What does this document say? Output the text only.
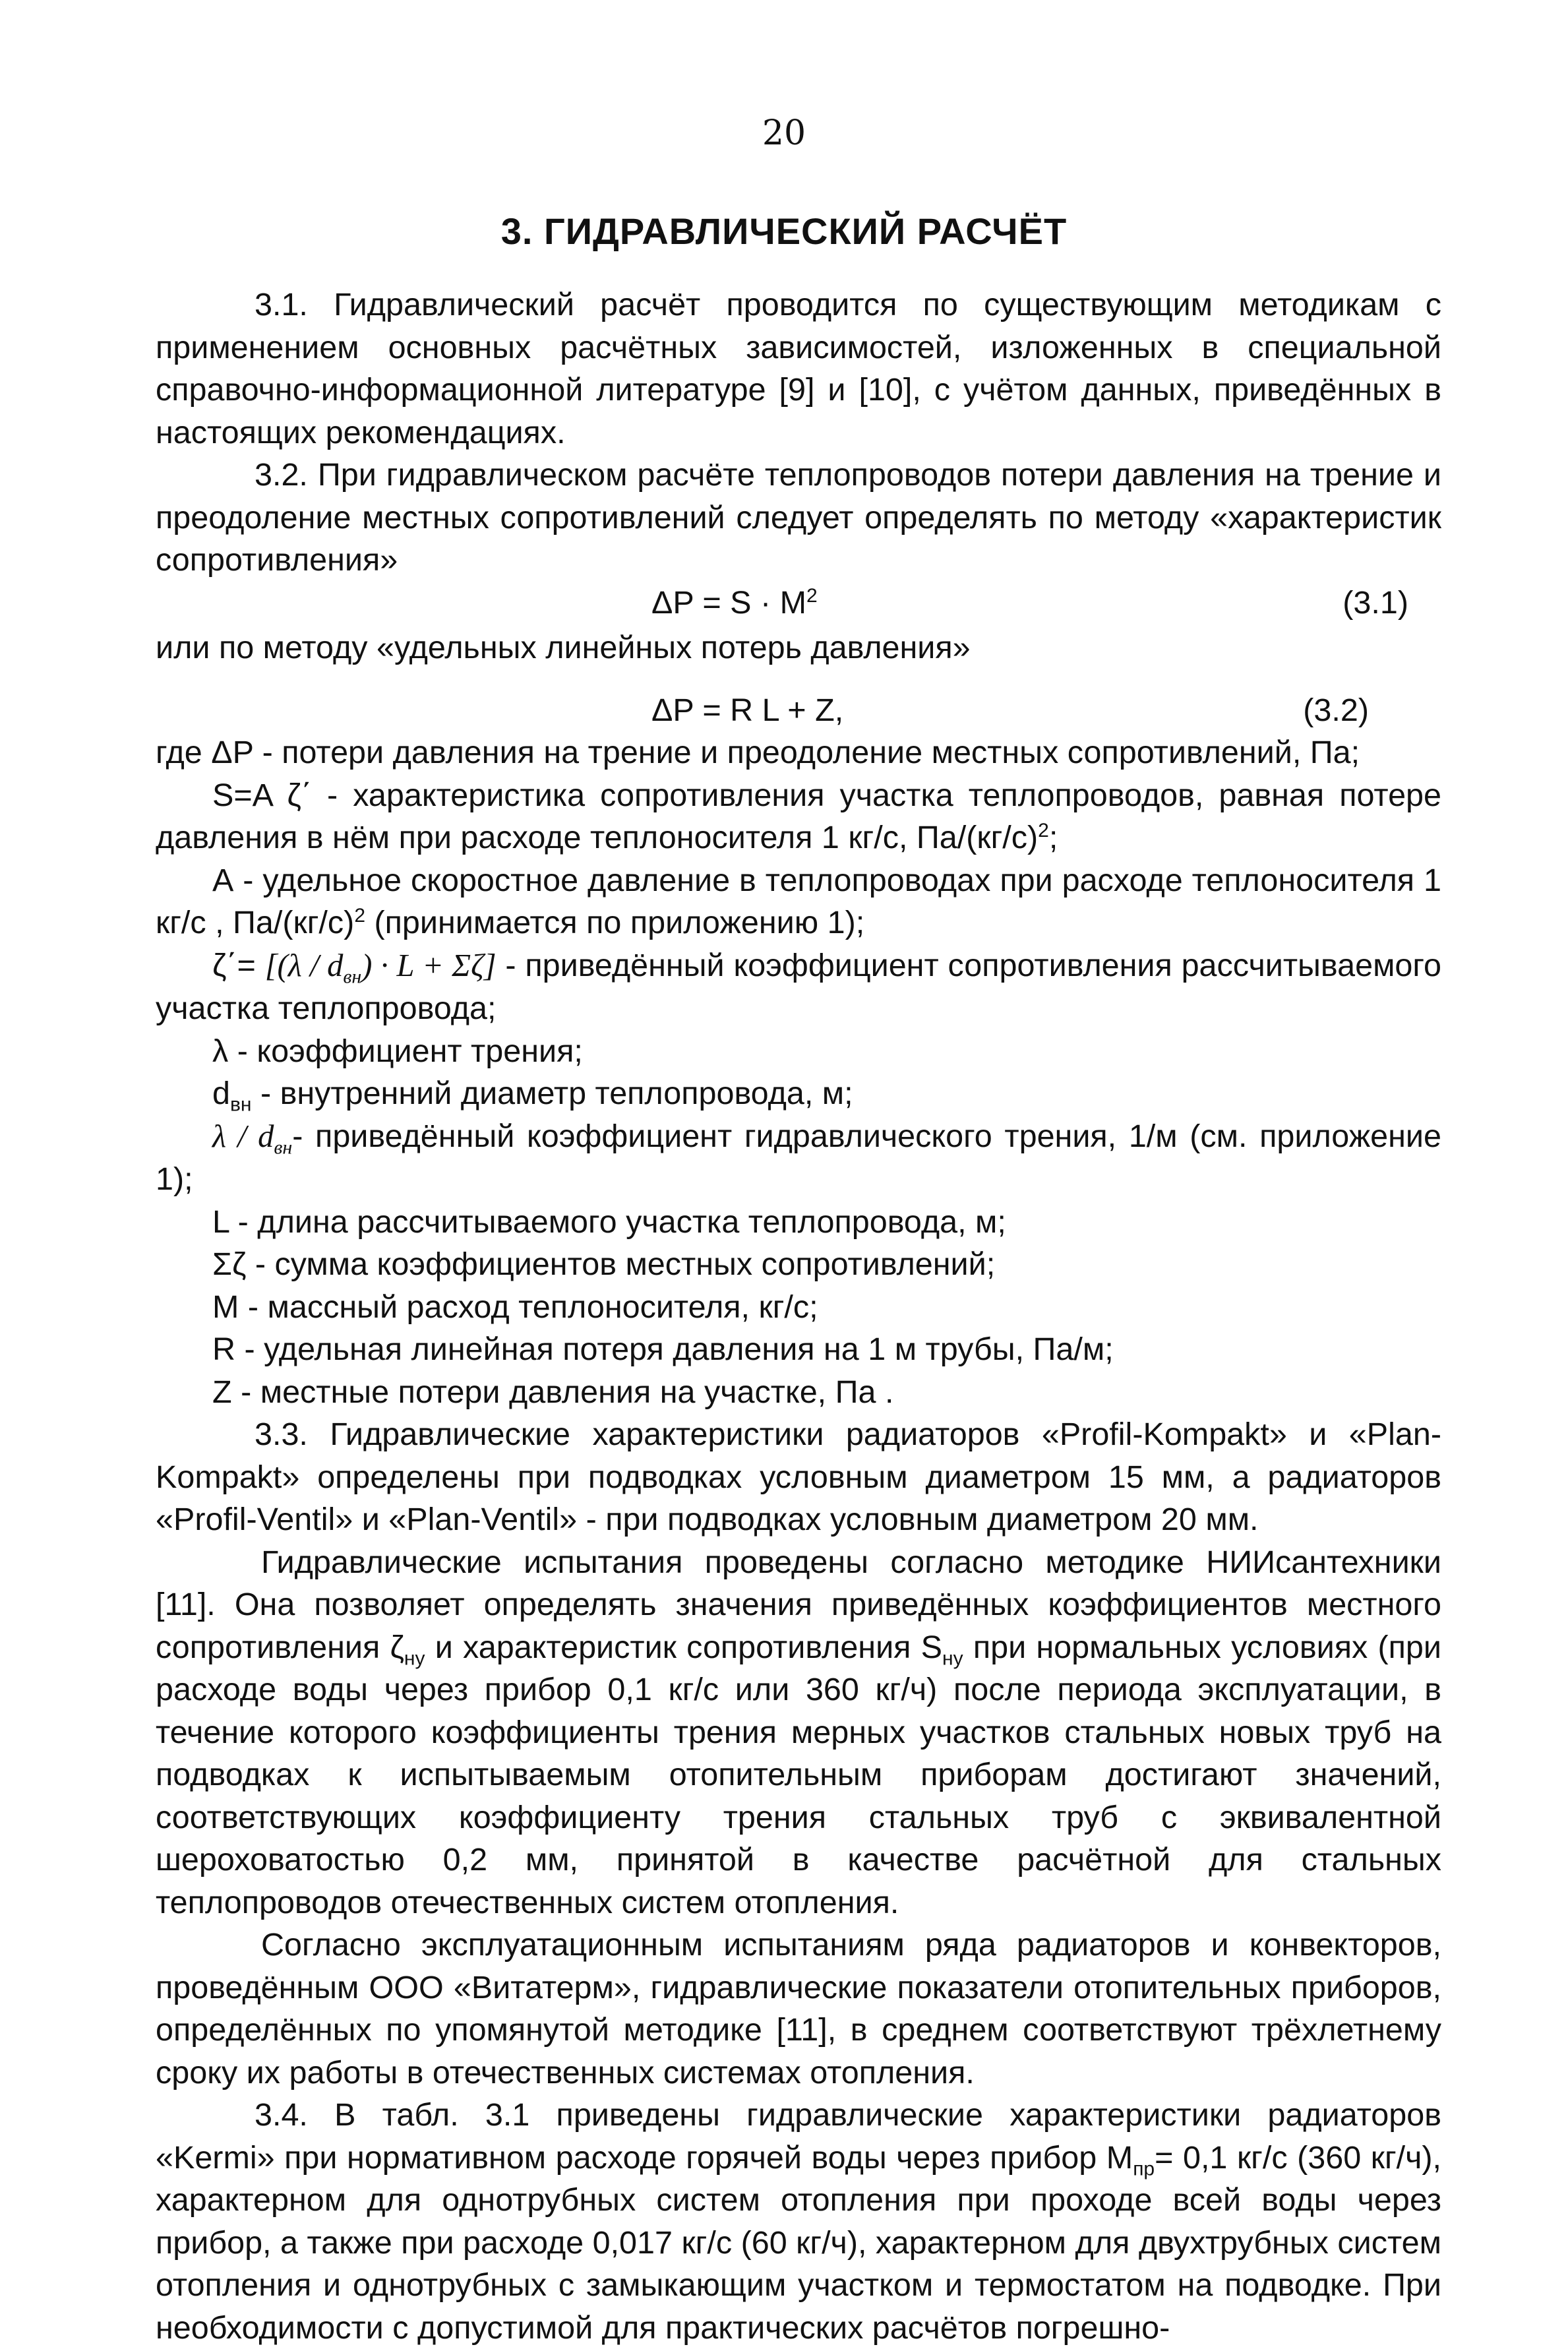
20
3. ГИДРАВЛИЧЕСКИЙ РАСЧЁТ

3.1. Гидравлический расчёт проводится по существующим методикам с применением основных расчётных зависимостей, изложенных в специальной справочно-информационной литературе [9] и [10], с учётом данных, приведённых в настоящих рекомендациях.

3.2. При гидравлическом расчёте теплопроводов потери давления на трение и преодоление местных сопротивлений следует определять по методу «характеристик сопротивления»

$\Delta P = S \cdot M^2$	(3.1)

или по методу «удельных линейных потерь давления»

ΔP = R L + Z,	(3.2)

где ΔP - потери давления на трение и преодоление местных сопротивлений, Па;

S=A ζ΄ - характеристика сопротивления участка теплопроводов, равная потере давления в нём при расходе теплоносителя 1 кг/с, $Па/(кг/с)^2$;

А - удельное скоростное давление в теплопроводах при расходе теплоносителя 1 кг/с , $Па/(кг/с)^2$ (принимается по приложению 1);

$\zeta΄= [(\lambda / d_{вн}) \cdot L + \Sigma\zeta]$ - приведённый коэффициент сопротивления рассчитываемого участка теплопровода;

λ - коэффициент трения;

$d_{вн}$ - внутренний диаметр теплопровода, м;

λ / $d_{вн}-$ приведённый коэффициент гидравлического трения, 1/м (см. приложение 1);

L - длина рассчитываемого участка теплопровода, м;

Σζ - сумма коэффициентов местных сопротивлений;

M - массный расход теплоносителя, кг/с;

R - удельная линейная потеря давления на 1 м трубы, Па/м;

Z - местные потери давления на участке, Па .

3.3. Гидравлические характеристики радиаторов «Profil-Kompakt» и «Plan-Kompakt» определены при подводках условным диаметром 15 мм, а радиаторов «Profil-Ventil» и «Plan-Ventil» - при подводках условным диаметром 20 мм.

Гидравлические испытания проведены согласно методике НИИсантехники [11]. Она позволяет определять значения приведённых коэффициентов местного сопротивления $\zeta_{ну}$ и характеристик сопротивления $S_{ну}$ при нормальных условиях (при расходе воды через прибор 0,1 кг/с или 360 кг/ч) после периода эксплуатации, в течение которого коэффициенты трения мерных участков стальных новых труб на подводках к испытываемым отопительным приборам достигают значений, соответствующих коэффициенту трения стальных труб с эквивалентной шероховатостью 0,2 мм, принятой в качестве расчётной для стальных теплопроводов отечественных систем отопления.

Согласно эксплуатационным испытаниям ряда радиаторов и конвекторов, проведённым ООО «Витатерм», гидравлические показатели отопительных приборов, определённых по упомянутой методике [11], в среднем соответствуют трёхлетнему сроку их работы в отечественных системах отопления.

3.4. В табл. 3.1 приведены гидравлические характеристики радиаторов «Kermi» при нормативном расходе горячей воды через прибор $M_{пр}= 0,1$ кг/с (360 кг/ч), характерном для однотрубных систем отопления при проходе всей воды через прибор, а также при расходе 0,017 кг/с (60 кг/ч), характерном для двухтрубных систем отопления и однотрубных с замыкающим участком и термостатом на подводке. При необходимости с допустимой для практических расчётов погрешно-
